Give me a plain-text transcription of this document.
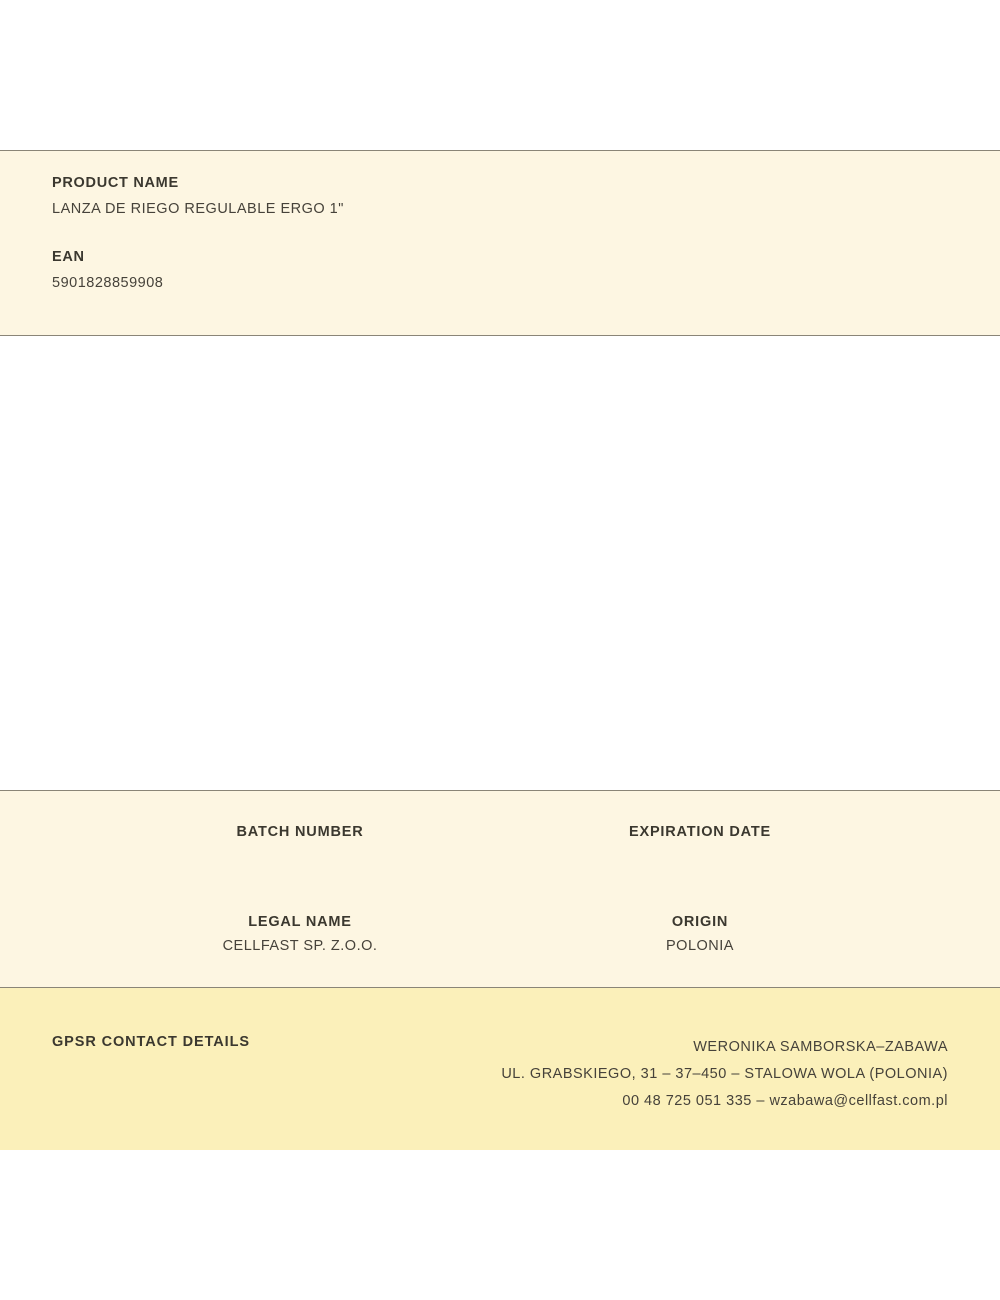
PRODUCT NAME

LANZA DE RIEGO REGULABLE ERGO 1"

EAN

5901828859908

BATCH NUMBER	EXPIRATION DATE

LEGAL NAME

CELLFAST SP. Z.O.O.

ORIGIN

POLONIA

GPSR CONTACT DETAILS	WERONIKA SAMBORSKA–ZABAWA
UL. GRABSKIEGO, 31 – 37–450 – STALOWA WOLA (POLONIA)
00 48 725 051 335 – wzabawa@cellfast.com.pl
